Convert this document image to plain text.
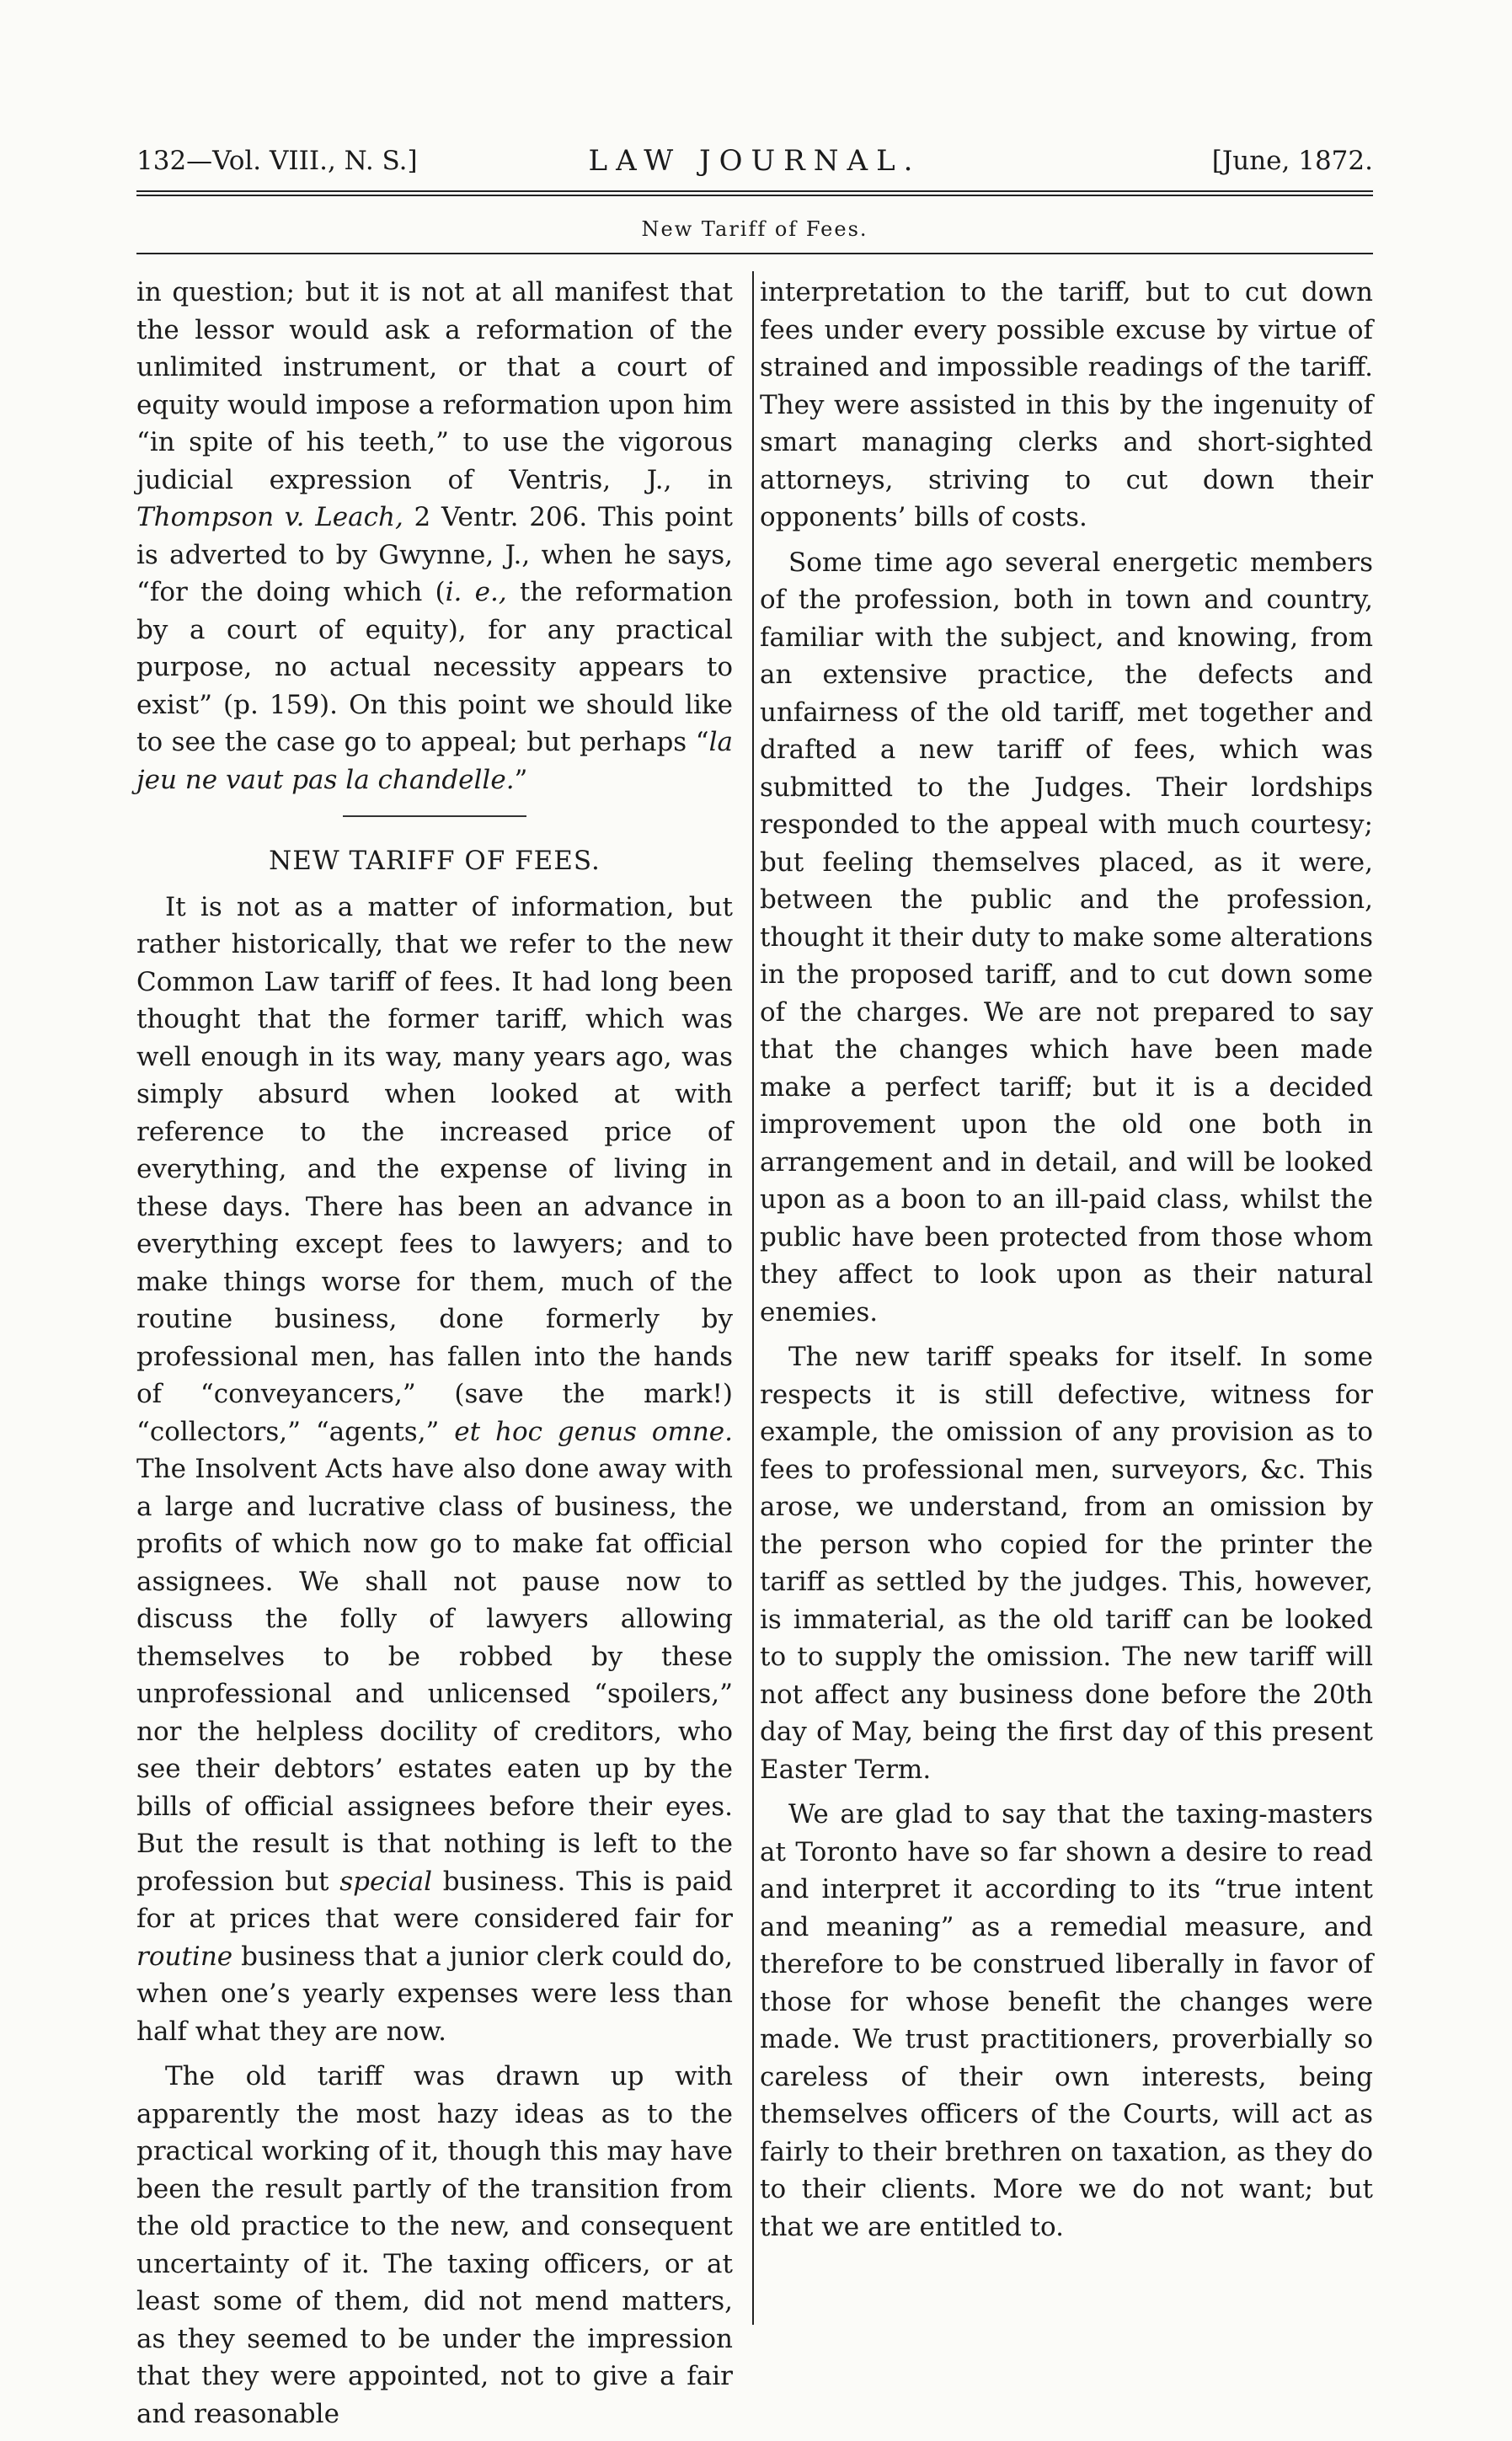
132—Vol. VIII., N. S.]	LAW JOURNAL.	[June, 1872.
New Tariff of Fees.

in question; but it is not at all manifest that the lessor would ask a reformation of the unlimited instrument, or that a court of equity would impose a reformation upon him “in spite of his teeth,” to use the vigorous judicial expression of Ventris, J., in Thompson v. Leach, 2 Ventr. 206. This point is adverted to by Gwynne, J., when he says, “for the doing which (i. e., the reformation by a court of equity), for any practical purpose, no actual necessity appears to exist” (p. 159). On this point we should like to see the case go to appeal; but perhaps “la jeu ne vaut pas la chandelle.”

NEW TARIFF OF FEES.

It is not as a matter of information, but rather historically, that we refer to the new Common Law tariff of fees. It had long been thought that the former tariff, which was well enough in its way, many years ago, was simply absurd when looked at with reference to the increased price of everything, and the expense of living in these days. There has been an advance in everything except fees to lawyers; and to make things worse for them, much of the routine business, done formerly by professional men, has fallen into the hands of “conveyancers,” (save the mark!) “collectors,” “agents,” et hoc genus omne. The Insolvent Acts have also done away with a large and lucrative class of business, the profits of which now go to make fat official assignees. We shall not pause now to discuss the folly of lawyers allowing themselves to be robbed by these unprofessional and unlicensed “spoilers,” nor the helpless docility of creditors, who see their debtors’ estates eaten up by the bills of official assignees before their eyes. But the result is that nothing is left to the profession but special business. This is paid for at prices that were considered fair for routine business that a junior clerk could do, when one’s yearly expenses were less than half what they are now.

The old tariff was drawn up with apparently the most hazy ideas as to the practical working of it, though this may have been the result partly of the transition from the old practice to the new, and consequent uncertainty of it. The taxing officers, or at least some of them, did not mend matters, as they seemed to be under the impression that they were appointed, not to give a fair and reasonable

interpretation to the tariff, but to cut down fees under every possible excuse by virtue of strained and impossible readings of the tariff. They were assisted in this by the ingenuity of smart managing clerks and short-sighted attorneys, striving to cut down their opponents’ bills of costs.

Some time ago several energetic members of the profession, both in town and country, familiar with the subject, and knowing, from an extensive practice, the defects and unfairness of the old tariff, met together and drafted a new tariff of fees, which was submitted to the Judges. Their lordships responded to the appeal with much courtesy; but feeling themselves placed, as it were, between the public and the profession, thought it their duty to make some alterations in the proposed tariff, and to cut down some of the charges. We are not prepared to say that the changes which have been made make a perfect tariff; but it is a decided improvement upon the old one both in arrangement and in detail, and will be looked upon as a boon to an ill-paid class, whilst the public have been protected from those whom they affect to look upon as their natural enemies.

The new tariff speaks for itself. In some respects it is still defective, witness for example, the omission of any provision as to fees to professional men, surveyors, &c. This arose, we understand, from an omission by the person who copied for the printer the tariff as settled by the judges. This, however, is immaterial, as the old tariff can be looked to to supply the omission. The new tariff will not affect any business done before the 20th day of May, being the first day of this present Easter Term.

We are glad to say that the taxing-masters at Toronto have so far shown a desire to read and interpret it according to its “true intent and meaning” as a remedial measure, and therefore to be construed liberally in favor of those for whose benefit the changes were made. We trust practitioners, proverbially so careless of their own interests, being themselves officers of the Courts, will act as fairly to their brethren on taxation, as they do to their clients. More we do not want; but that we are entitled to.
